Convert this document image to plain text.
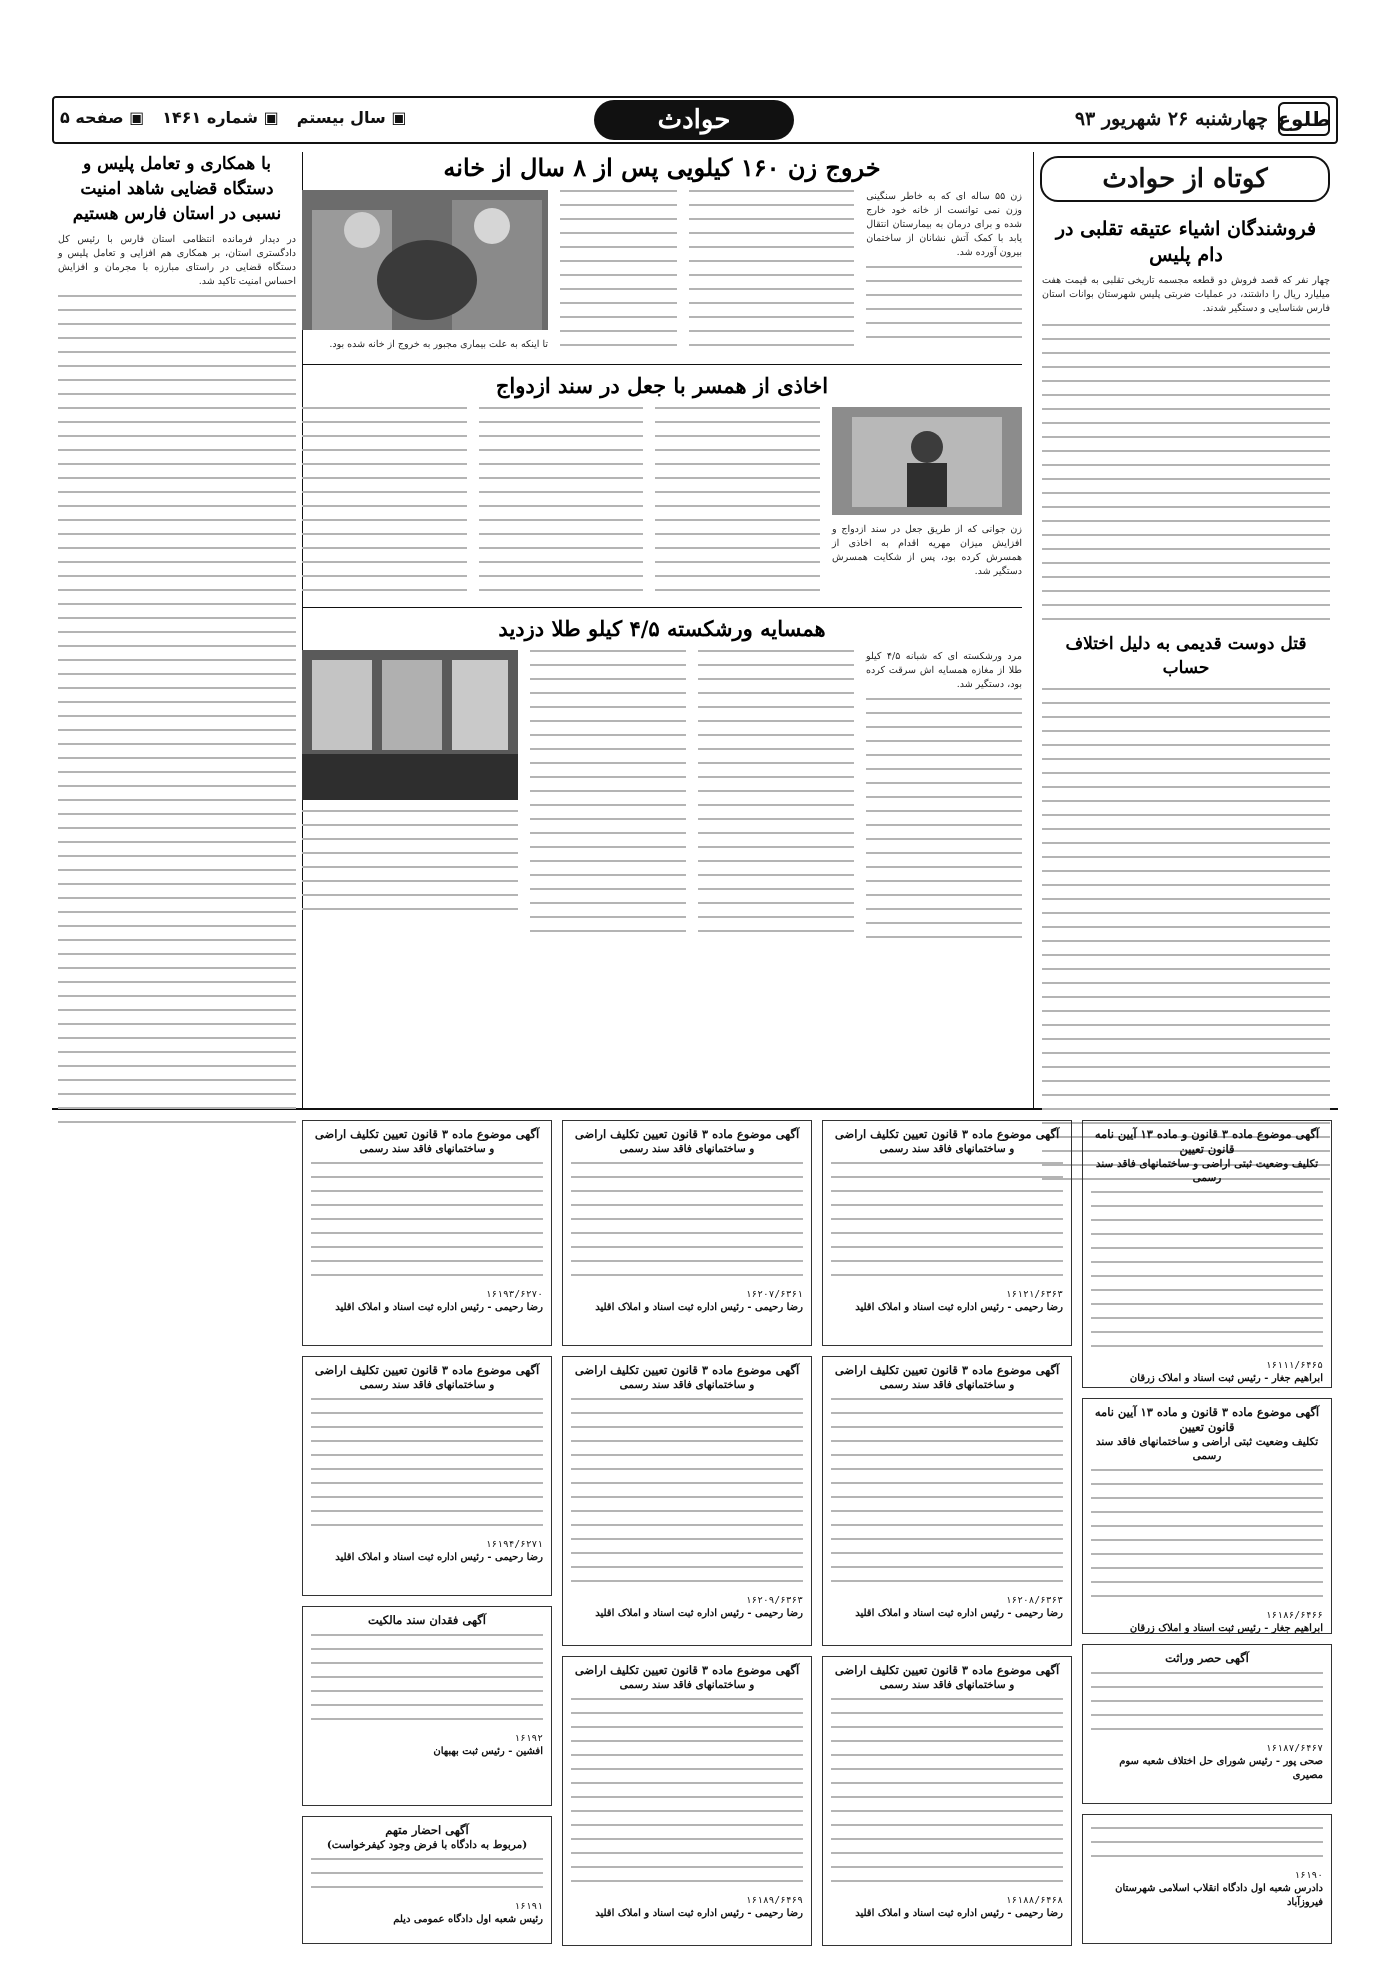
طلوع
چهارشنبه ۲۶ شهریور ۹۳
حوادث
▣ سال بیستم
▣ شماره ۱۴۶۱
▣ صفحه ۵
کوتاه از حوادث
فروشندگان اشیاء عتیقه تقلبی در دام پلیس
چهار نفر که قصد فروش دو قطعه مجسمه تاریخی تقلبی به قیمت هفت میلیارد ریال را داشتند، در عملیات ضربتی پلیس شهرستان بوانات استان فارس شناسایی و دستگیر شدند.
قتل دوست قدیمی به دلیل اختلاف حساب
خروج زن ۱۶۰ کیلویی پس از ۸ سال از خانه
زن ۵۵ ساله ای که به خاطر سنگینی وزن نمی توانست از خانه خود خارج شده و برای درمان به بیمارستان انتقال یابد با کمک آتش نشانان از ساختمان بیرون آورده شد.
تا اینکه به علت بیماری مجبور به خروج از خانه شده بود.
اخاذی از همسر با جعل در سند ازدواج
زن جوانی که از طریق جعل در سند ازدواج و افزایش میزان مهریه اقدام به اخاذی از همسرش کرده بود، پس از شکایت همسرش دستگیر شد.
همسایه ورشکسته ۴/۵ کیلو طلا دزدید
مرد ورشکسته ای که شبانه ۴/۵ کیلو طلا از مغازه همسایه اش سرقت کرده بود، دستگیر شد.
با همکاری و تعامل پلیس و دستگاه قضایی شاهد امنیت نسبی در استان فارس هستیم
در دیدار فرمانده انتظامی استان فارس با رئیس کل دادگستری استان، بر همکاری هم افزایی و تعامل پلیس و دستگاه قضایی در راستای مبارزه با مجرمان و افزایش احساس امنیت تاکید شد.
آگهی موضوع ماده ۳ قانون و ماده ۱۳ آیین نامه قانون تعیین
تکلیف وضعیت ثبتی اراضی و ساختمانهای فاقد سند رسمی
۱۶۱۱۱/۶۴۶۵
ابراهیم جغار - رئیس ثبت اسناد و املاک زرقان
آگهی موضوع ماده ۳ قانون تعیین تکلیف اراضی
و ساختمانهای فاقد سند رسمی
۱۶۱۲۱/۶۳۶۳
رضا رحیمی - رئیس اداره ثبت اسناد و املاک اقلید
آگهی موضوع ماده ۳ قانون تعیین تکلیف اراضی
و ساختمانهای فاقد سند رسمی
۱۶۲۰۷/۶۳۶۱
رضا رحیمی - رئیس اداره ثبت اسناد و املاک اقلید
آگهی موضوع ماده ۳ قانون تعیین تکلیف اراضی
و ساختمانهای فاقد سند رسمی
۱۶۱۹۳/۶۲۷۰
رضا رحیمی - رئیس اداره ثبت اسناد و املاک اقلید
آگهی موضوع ماده ۳ قانون و ماده ۱۳ آیین نامه قانون تعیین
تکلیف وضعیت ثبتی اراضی و ساختمانهای فاقد سند رسمی
۱۶۱۸۶/۶۴۶۶
ابراهیم جغار - رئیس ثبت اسناد و املاک زرقان
آگهی موضوع ماده ۳ قانون تعیین تکلیف اراضی
و ساختمانهای فاقد سند رسمی
۱۶۲۰۸/۶۳۶۳
رضا رحیمی - رئیس اداره ثبت اسناد و املاک اقلید
آگهی موضوع ماده ۳ قانون تعیین تکلیف اراضی
و ساختمانهای فاقد سند رسمی
۱۶۲۰۹/۶۳۶۳
رضا رحیمی - رئیس اداره ثبت اسناد و املاک اقلید
آگهی موضوع ماده ۳ قانون تعیین تکلیف اراضی
و ساختمانهای فاقد سند رسمی
۱۶۱۹۴/۶۲۷۱
رضا رحیمی - رئیس اداره ثبت اسناد و املاک اقلید
آگهی حصر وراثت
۱۶۱۸۷/۶۴۶۷
صحی پور - رئیس شورای حل اختلاف شعبه سوم مصیری
آگهی موضوع ماده ۳ قانون تعیین تکلیف اراضی
و ساختمانهای فاقد سند رسمی
۱۶۱۸۸/۶۴۶۸
رضا رحیمی - رئیس اداره ثبت اسناد و املاک اقلید
آگهی موضوع ماده ۳ قانون تعیین تکلیف اراضی
و ساختمانهای فاقد سند رسمی
۱۶۱۸۹/۶۴۶۹
رضا رحیمی - رئیس اداره ثبت اسناد و املاک اقلید
آگهی فقدان سند مالکیت
۱۶۱۹۲
افشین - رئیس ثبت بهبهان
آگهی احضار متهم
(مربوط به دادگاه با فرض وجود کیفرخواست)
۱۶۱۹۱
رئیس شعبه اول دادگاه عمومی دیلم
۱۶۱۹۰
دادرس شعبه اول دادگاه انقلاب اسلامی شهرستان فیروزآباد
